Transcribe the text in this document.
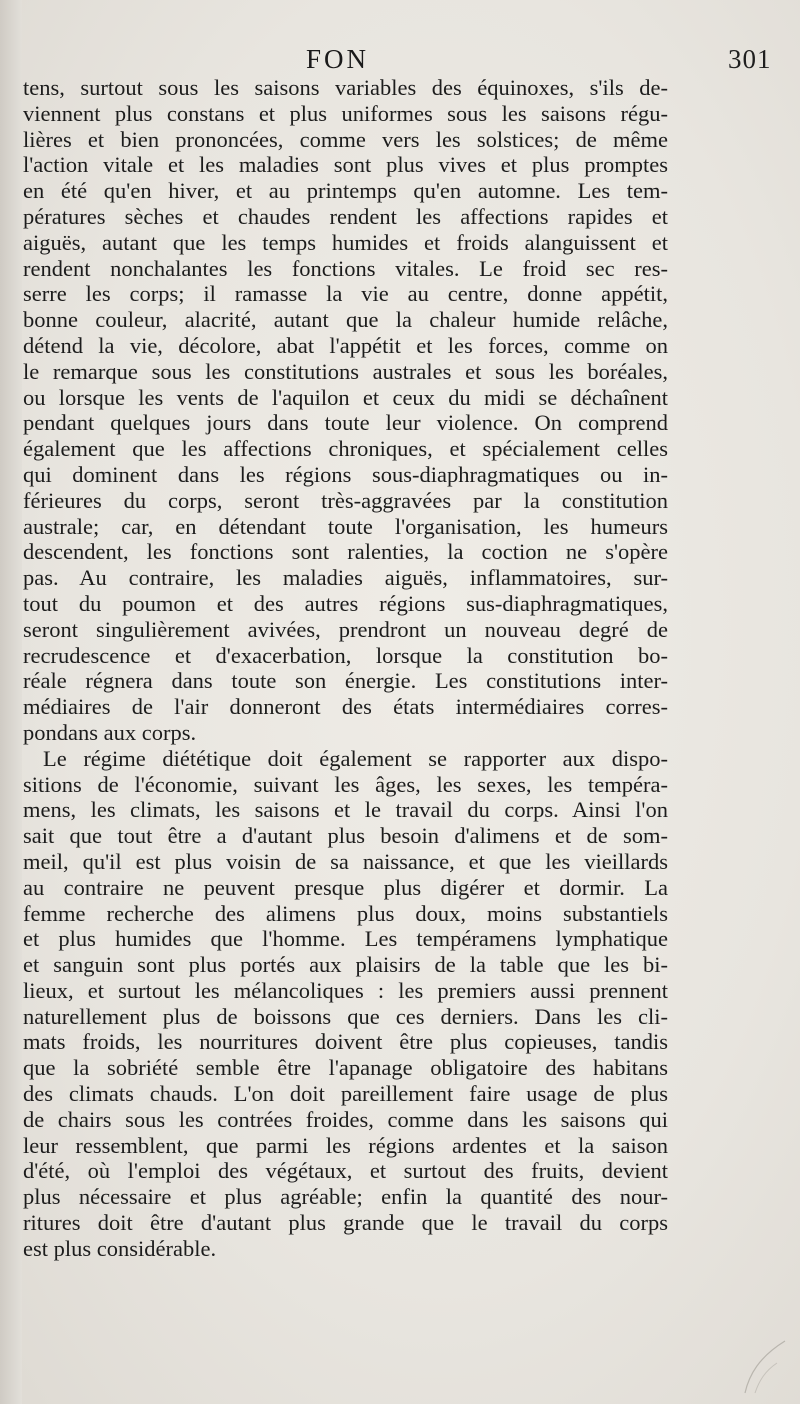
FON	301
tens, surtout sous les saisons variables des équinoxes, s'ils de-
viennent plus constans et plus uniformes sous les saisons régu-
lières et bien prononcées, comme vers les solstices; de même
l'action vitale et les maladies sont plus vives et plus promptes
en été qu'en hiver, et au printemps qu'en automne. Les tem-
pératures sèches et chaudes rendent les affections rapides et
aiguës, autant que les temps humides et froids alanguissent et
rendent nonchalantes les fonctions vitales. Le froid sec res-
serre les corps; il ramasse la vie au centre, donne appétit,
bonne couleur, alacrité, autant que la chaleur humide relâche,
détend la vie, décolore, abat l'appétit et les forces, comme on
le remarque sous les constitutions australes et sous les boréales,
ou lorsque les vents de l'aquilon et ceux du midi se déchaînent
pendant quelques jours dans toute leur violence. On comprend
également que les affections chroniques, et spécialement celles
qui dominent dans les régions sous-diaphragmatiques ou in-
férieures du corps, seront très-aggravées par la constitution
australe; car, en détendant toute l'organisation, les humeurs
descendent, les fonctions sont ralenties, la coction ne s'opère
pas. Au contraire, les maladies aiguës, inflammatoires, sur-
tout du poumon et des autres régions sus-diaphragmatiques,
seront singulièrement avivées, prendront un nouveau degré de
recrudescence et d'exacerbation, lorsque la constitution bo-
réale régnera dans toute son énergie. Les constitutions inter-
médiaires de l'air donneront des états intermédiaires corres-
pondans aux corps.
Le régime diététique doit également se rapporter aux dispo-
sitions de l'économie, suivant les âges, les sexes, les tempéra-
mens, les climats, les saisons et le travail du corps. Ainsi l'on
sait que tout être a d'autant plus besoin d'alimens et de som-
meil, qu'il est plus voisin de sa naissance, et que les vieillards
au contraire ne peuvent presque plus digérer et dormir. La
femme recherche des alimens plus doux, moins substantiels
et plus humides que l'homme. Les tempéramens lymphatique
et sanguin sont plus portés aux plaisirs de la table que les bi-
lieux, et surtout les mélancoliques : les premiers aussi prennent
naturellement plus de boissons que ces derniers. Dans les cli-
mats froids, les nourritures doivent être plus copieuses, tandis
que la sobriété semble être l'apanage obligatoire des habitans
des climats chauds. L'on doit pareillement faire usage de plus
de chairs sous les contrées froides, comme dans les saisons qui
leur ressemblent, que parmi les régions ardentes et la saison
d'été, où l'emploi des végétaux, et surtout des fruits, devient
plus nécessaire et plus agréable; enfin la quantité des nour-
ritures doit être d'autant plus grande que le travail du corps
est plus considérable.
